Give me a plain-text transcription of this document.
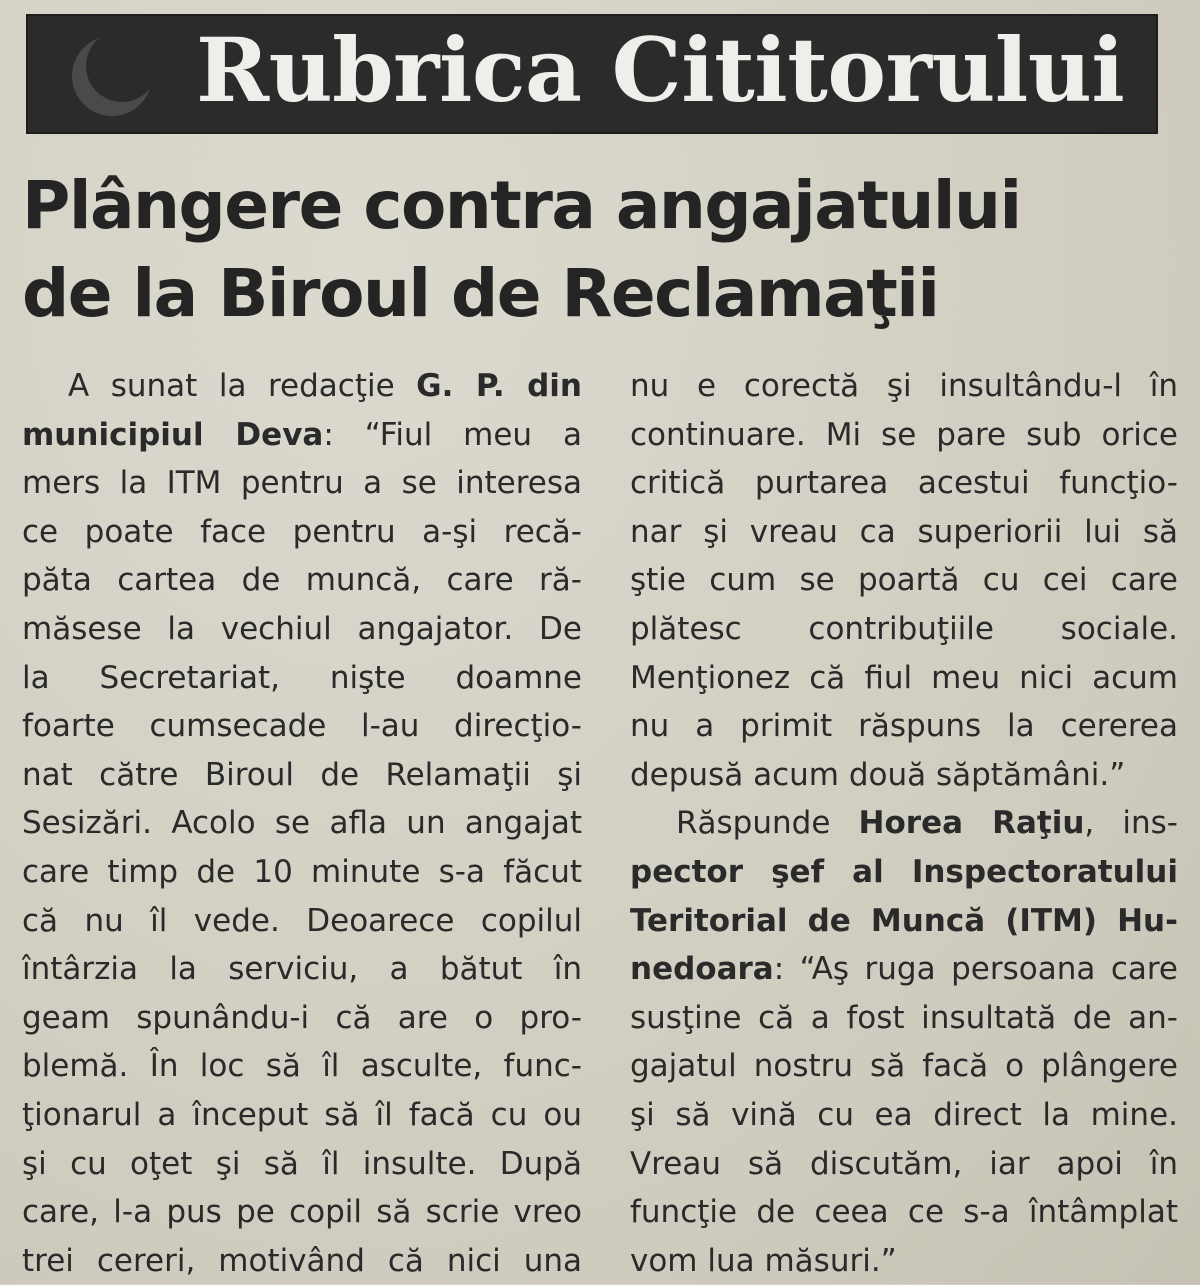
Rubrica Cititorului
Plângere contra angajatului
de la Biroul de Reclamaţii
A sunat la redacţie G. P. din
municipiul Deva: “Fiul meu a
mers la ITM pentru a se interesa
ce poate face pentru a-şi recă-
păta cartea de muncă, care ră-
măsese la vechiul angajator. De
la Secretariat, nişte doamne
foarte cumsecade l-au direcţio-
nat către Biroul de Relamaţii şi
Sesizări. Acolo se afla un angajat
care timp de 10 minute s-a făcut
că nu îl vede. Deoarece copilul
întârzia la serviciu, a bătut în
geam spunându-i că are o pro-
blemă. În loc să îl asculte, func-
ţionarul a început să îl facă cu ou
şi cu oţet şi să îl insulte. După
care, l-a pus pe copil să scrie vreo
trei cereri, motivând că nici una
nu e corectă şi insultându-l în
continuare. Mi se pare sub orice
critică purtarea acestui funcţio-
nar şi vreau ca superiorii lui să
ştie cum se poartă cu cei care
plătesc contribuţiile sociale.
Menţionez că fiul meu nici acum
nu a primit răspuns la cererea
depusă acum două săptămâni.”
Răspunde Horea Raţiu, ins-
pector şef al Inspectoratului
Teritorial de Muncă (ITM) Hu-
nedoara: “Aş ruga persoana care
susţine că a fost insultată de an-
gajatul nostru să facă o plângere
şi să vină cu ea direct la mine.
Vreau să discutăm, iar apoi în
funcţie de ceea ce s-a întâmplat
vom lua măsuri.”
